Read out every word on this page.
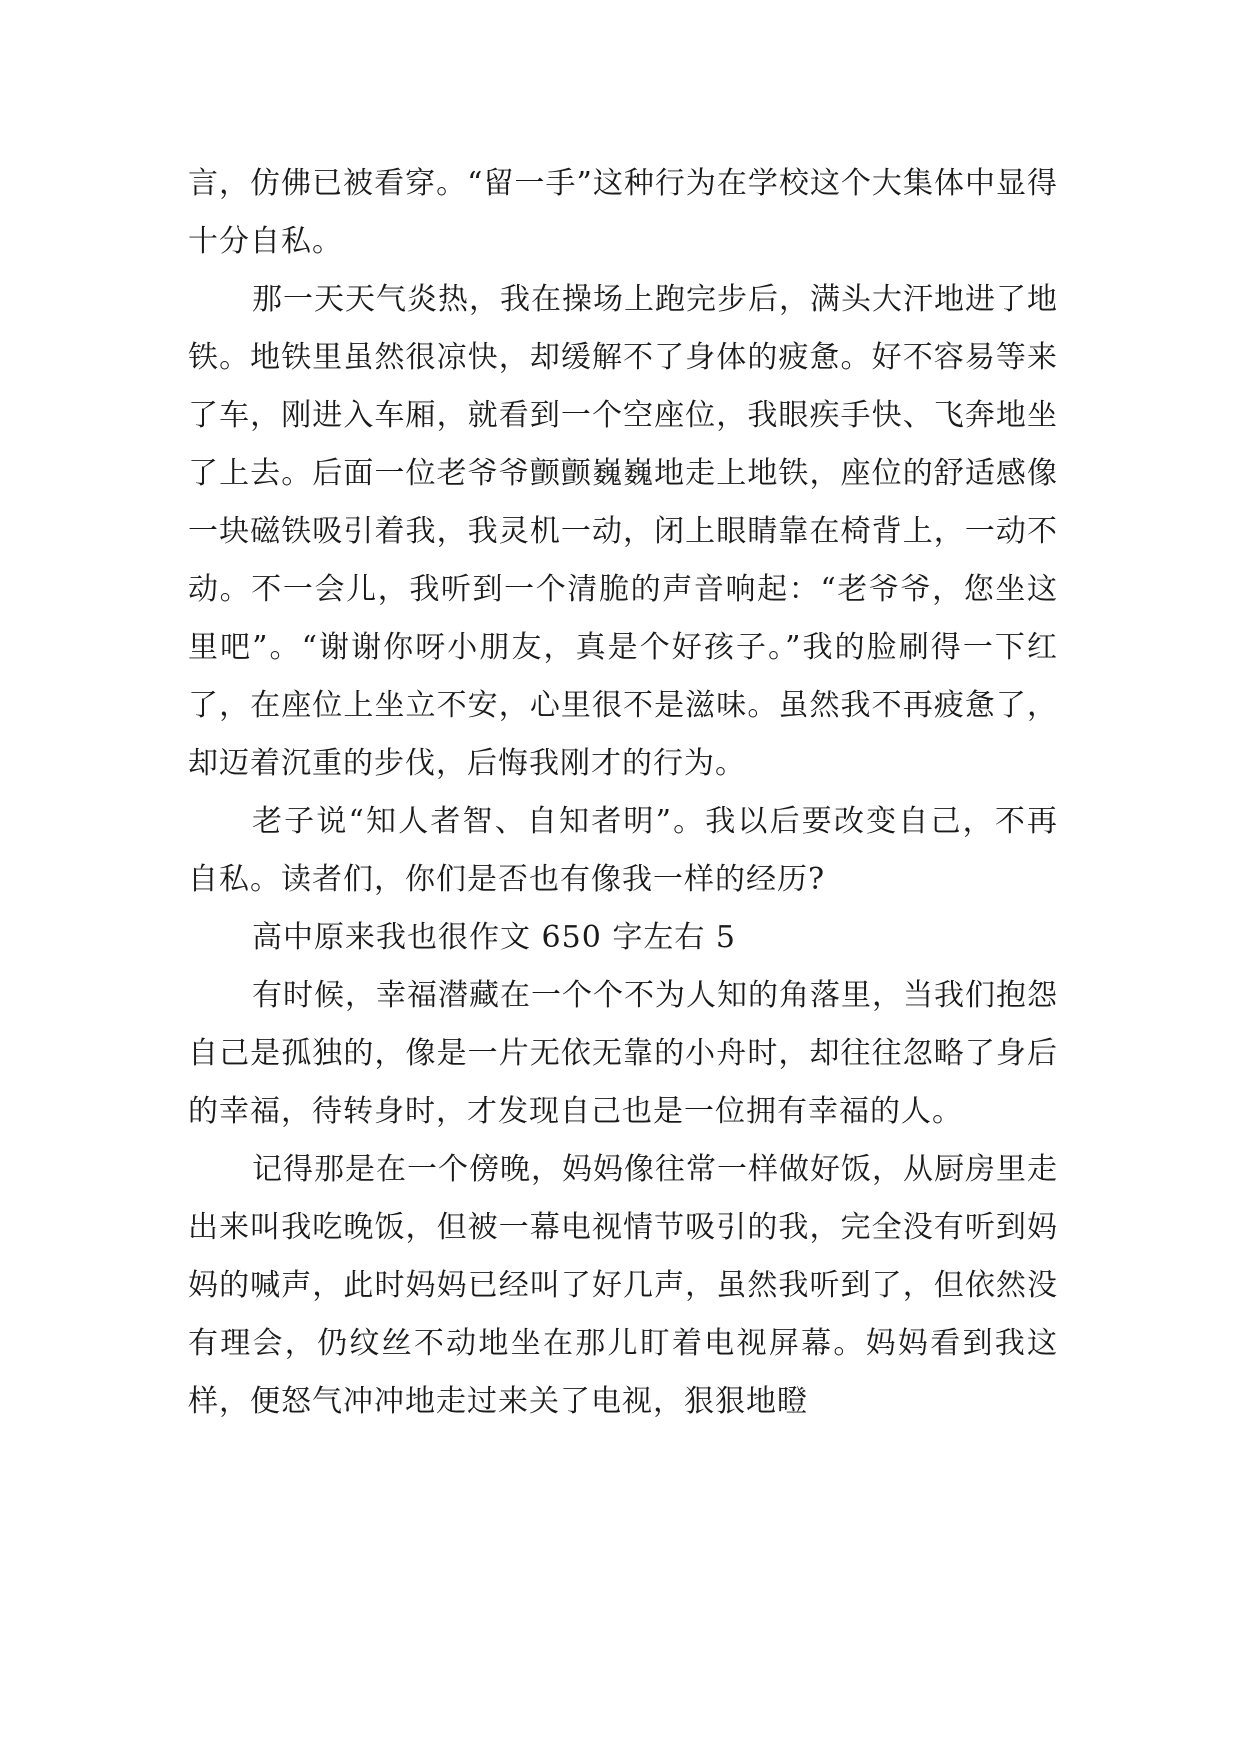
言，仿佛已被看穿。“留一手”这种行为在学校这个大集体中显得十分自私。

那一天天气炎热，我在操场上跑完步后，满头大汗地进了地铁。地铁里虽然很凉快，却缓解不了身体的疲惫。好不容易等来了车，刚进入车厢，就看到一个空座位，我眼疾手快、飞奔地坐了上去。后面一位老爷爷颤颤巍巍地走上地铁，座位的舒适感像一块磁铁吸引着我，我灵机一动，闭上眼睛靠在椅背上，一动不动。不一会儿，我听到一个清脆的声音响起：“老爷爷，您坐这里吧”。“谢谢你呀小朋友，真是个好孩子。”我的脸刷得一下红了，在座位上坐立不安，心里很不是滋味。虽然我不再疲惫了，却迈着沉重的步伐，后悔我刚才的行为。

老子说“知人者智、自知者明”。我以后要改变自己，不再自私。读者们，你们是否也有像我一样的经历?

高中原来我也很作文 650 字左右 5

有时候，幸福潜藏在一个个不为人知的角落里，当我们抱怨自己是孤独的，像是一片无依无靠的小舟时，却往往忽略了身后的幸福，待转身时，才发现自己也是一位拥有幸福的人。

记得那是在一个傍晚，妈妈像往常一样做好饭，从厨房里走出来叫我吃晚饭，但被一幕电视情节吸引的我，完全没有听到妈妈的喊声，此时妈妈已经叫了好几声，虽然我听到了，但依然没有理会，仍纹丝不动地坐在那儿盯着电视屏幕。妈妈看到我这样，便怒气冲冲地走过来关了电视，狠狠地瞪
